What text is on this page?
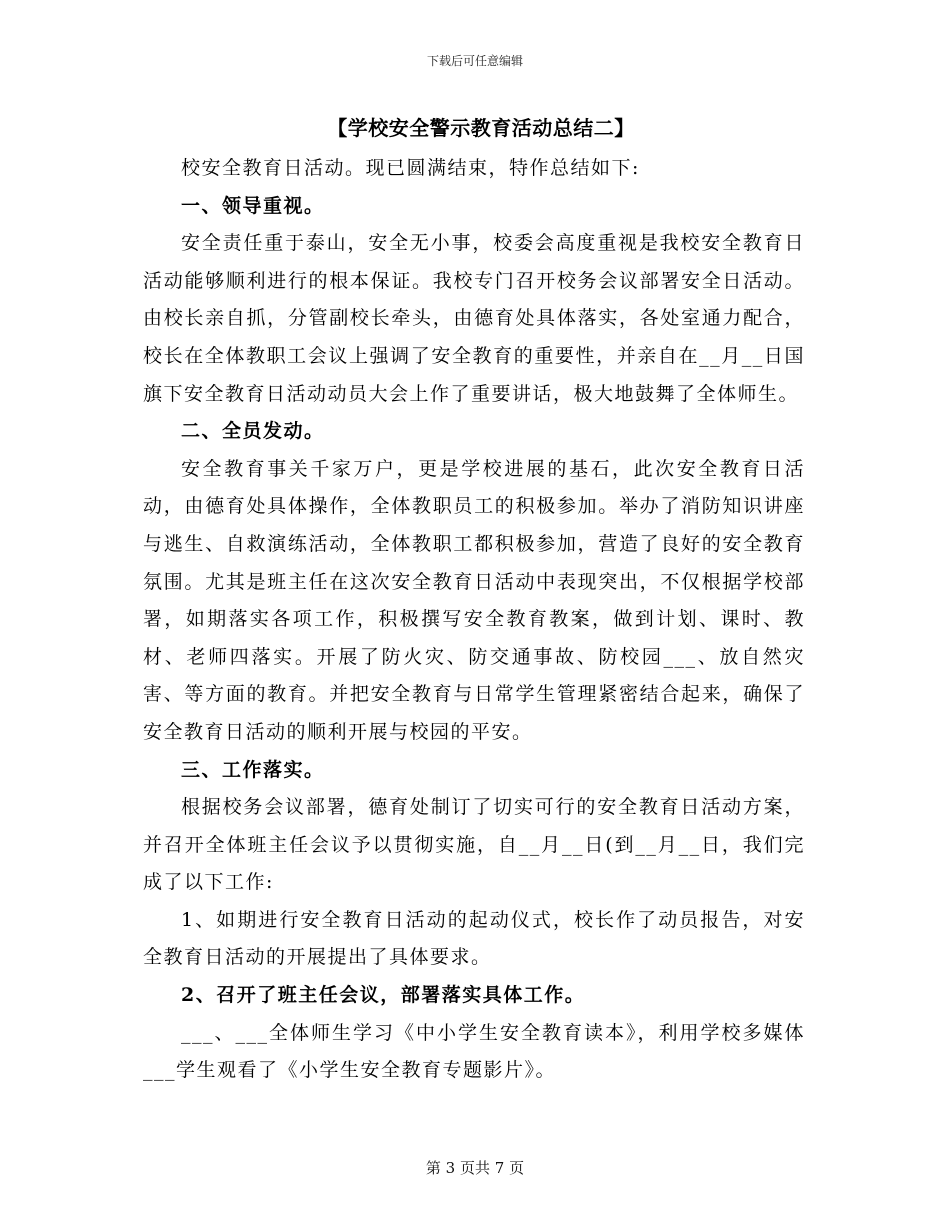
下载后可任意编辑
【学校安全警示教育活动总结二】

校安全教育日活动。现已圆满结束，特作总结如下:

一、领导重视。

安全责任重于泰山，安全无小事，校委会高度重视是我校安全教育日活动能够顺利进行的根本保证。我校专门召开校务会议部署安全日活动。由校长亲自抓，分管副校长牵头，由德育处具体落实，各处室通力配合，校长在全体教职工会议上强调了安全教育的重要性，并亲自在__月__日国旗下安全教育日活动动员大会上作了重要讲话，极大地鼓舞了全体师生。

二、全员发动。

安全教育事关千家万户，更是学校进展的基石，此次安全教育日活动，由德育处具体操作，全体教职员工的积极参加。举办了消防知识讲座与逃生、自救演练活动，全体教职工都积极参加，营造了良好的安全教育氛围。尤其是班主任在这次安全教育日活动中表现突出，不仅根据学校部署，如期落实各项工作，积极撰写安全教育教案，做到计划、课时、教材、老师四落实。开展了防火灾、防交通事故、防校园___、放自然灾害、等方面的教育。并把安全教育与日常学生管理紧密结合起来，确保了安全教育日活动的顺利开展与校园的平安。

三、工作落实。

根据校务会议部署，德育处制订了切实可行的安全教育日活动方案，并召开全体班主任会议予以贯彻实施，自__月__日(到__月__日，我们完成了以下工作:

1、如期进行安全教育日活动的起动仪式，校长作了动员报告，对安全教育日活动的开展提出了具体要求。

2、召开了班主任会议，部署落实具体工作。

___、___全体师生学习《中小学生安全教育读本》，利用学校多媒体___学生观看了《小学生安全教育专题影片》。

第 3 页共 7 页
